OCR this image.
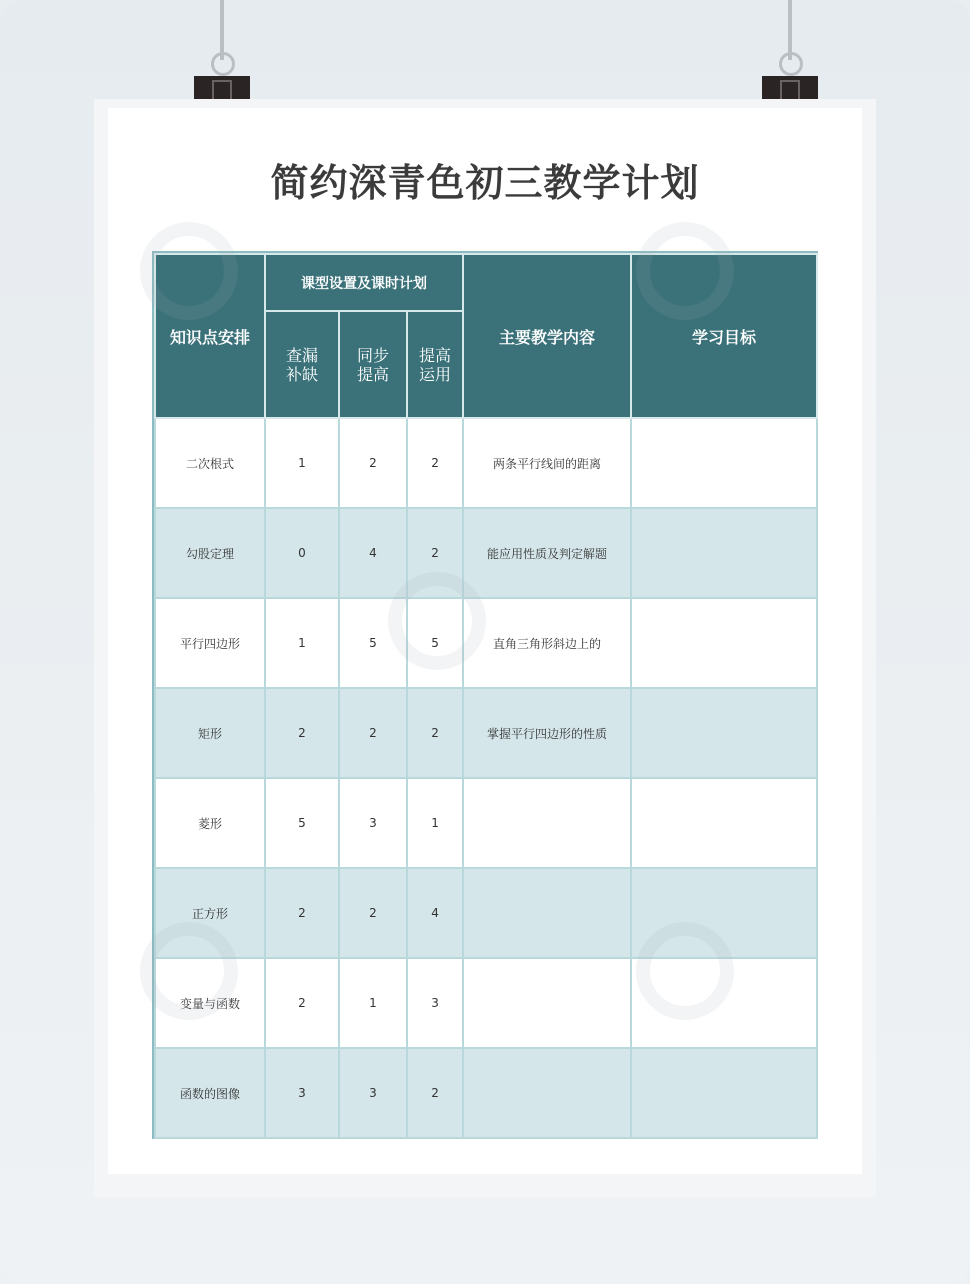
简约深青色初三教学计划
知识点安排	课型设置及课时计划			主要教学内容	学习目标

	查漏补缺	同步提高	提高运用		

二次根式	1	2	2	两条平行线间的距离	
勾股定理	0	4	2	能应用性质及判定解题	
平行四边形	1	5	5	直角三角形斜边上的	
矩形	2	2	2	掌握平行四边形的性质	
菱形	5	3	1		
正方形	2	2	4		
变量与函数	2	1	3		
函数的图像	3	3	2		
